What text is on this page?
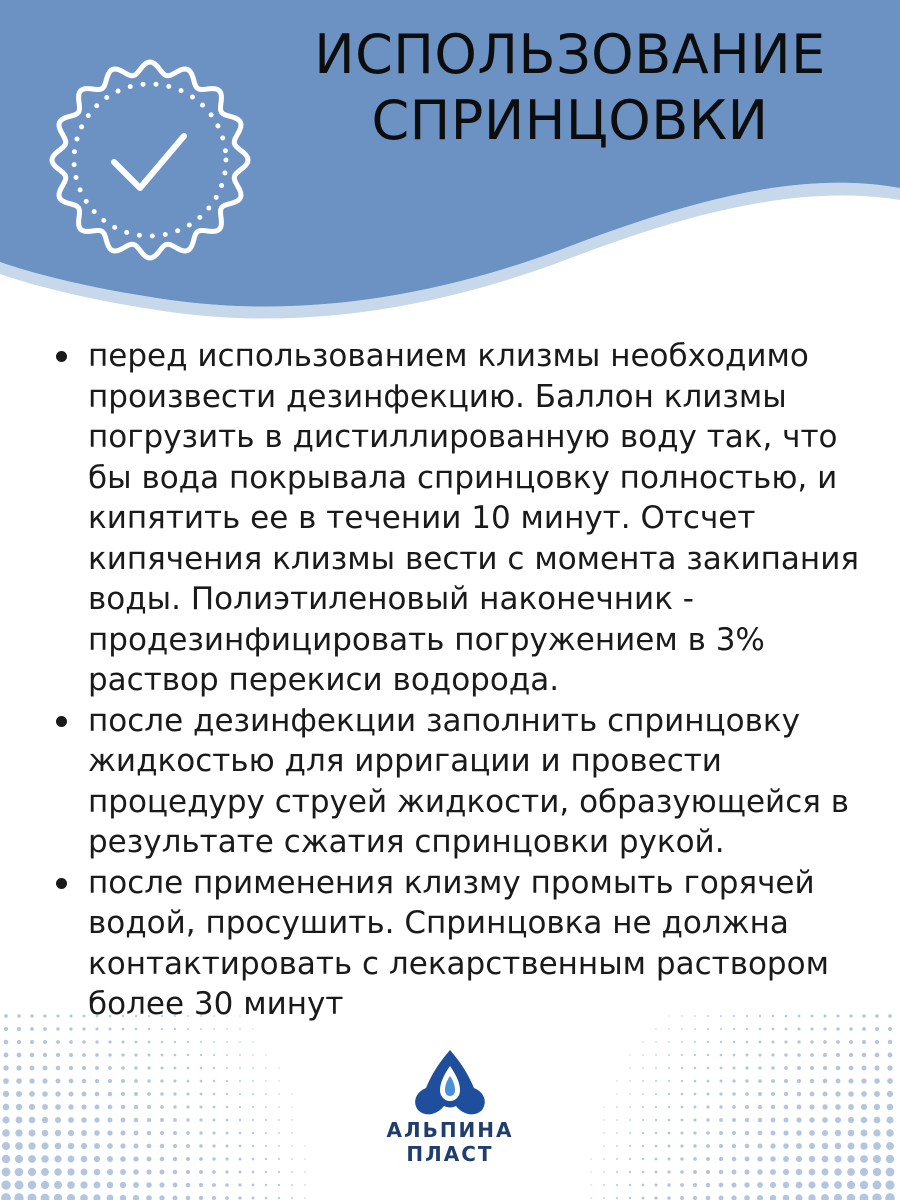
ИСПОЛЬЗОВАНИЕ
СПРИНЦОВКИ
перед использованием клизмы необходимо произвести дезинфекцию. Баллон клизмы погрузить в дистиллированную воду так, что бы вода покрывала спринцовку полностью, и кипятить ее в течении 10 минут. Отсчет кипячения клизмы вести с момента закипания воды. Полиэтиленовый наконечник - продезинфицировать погружением в 3% раствор перекиси водорода.
после дезинфекции заполнить спринцовку жидкостью для ирригации и провести процедуру струей жидкости, образующейся в результате сжатия спринцовки рукой.
после применения клизму промыть горячей водой, просушить. Спринцовка не должна контактировать с лекарственным раствором более 30 минут
АЛЬПИНА
ПЛАСТ
